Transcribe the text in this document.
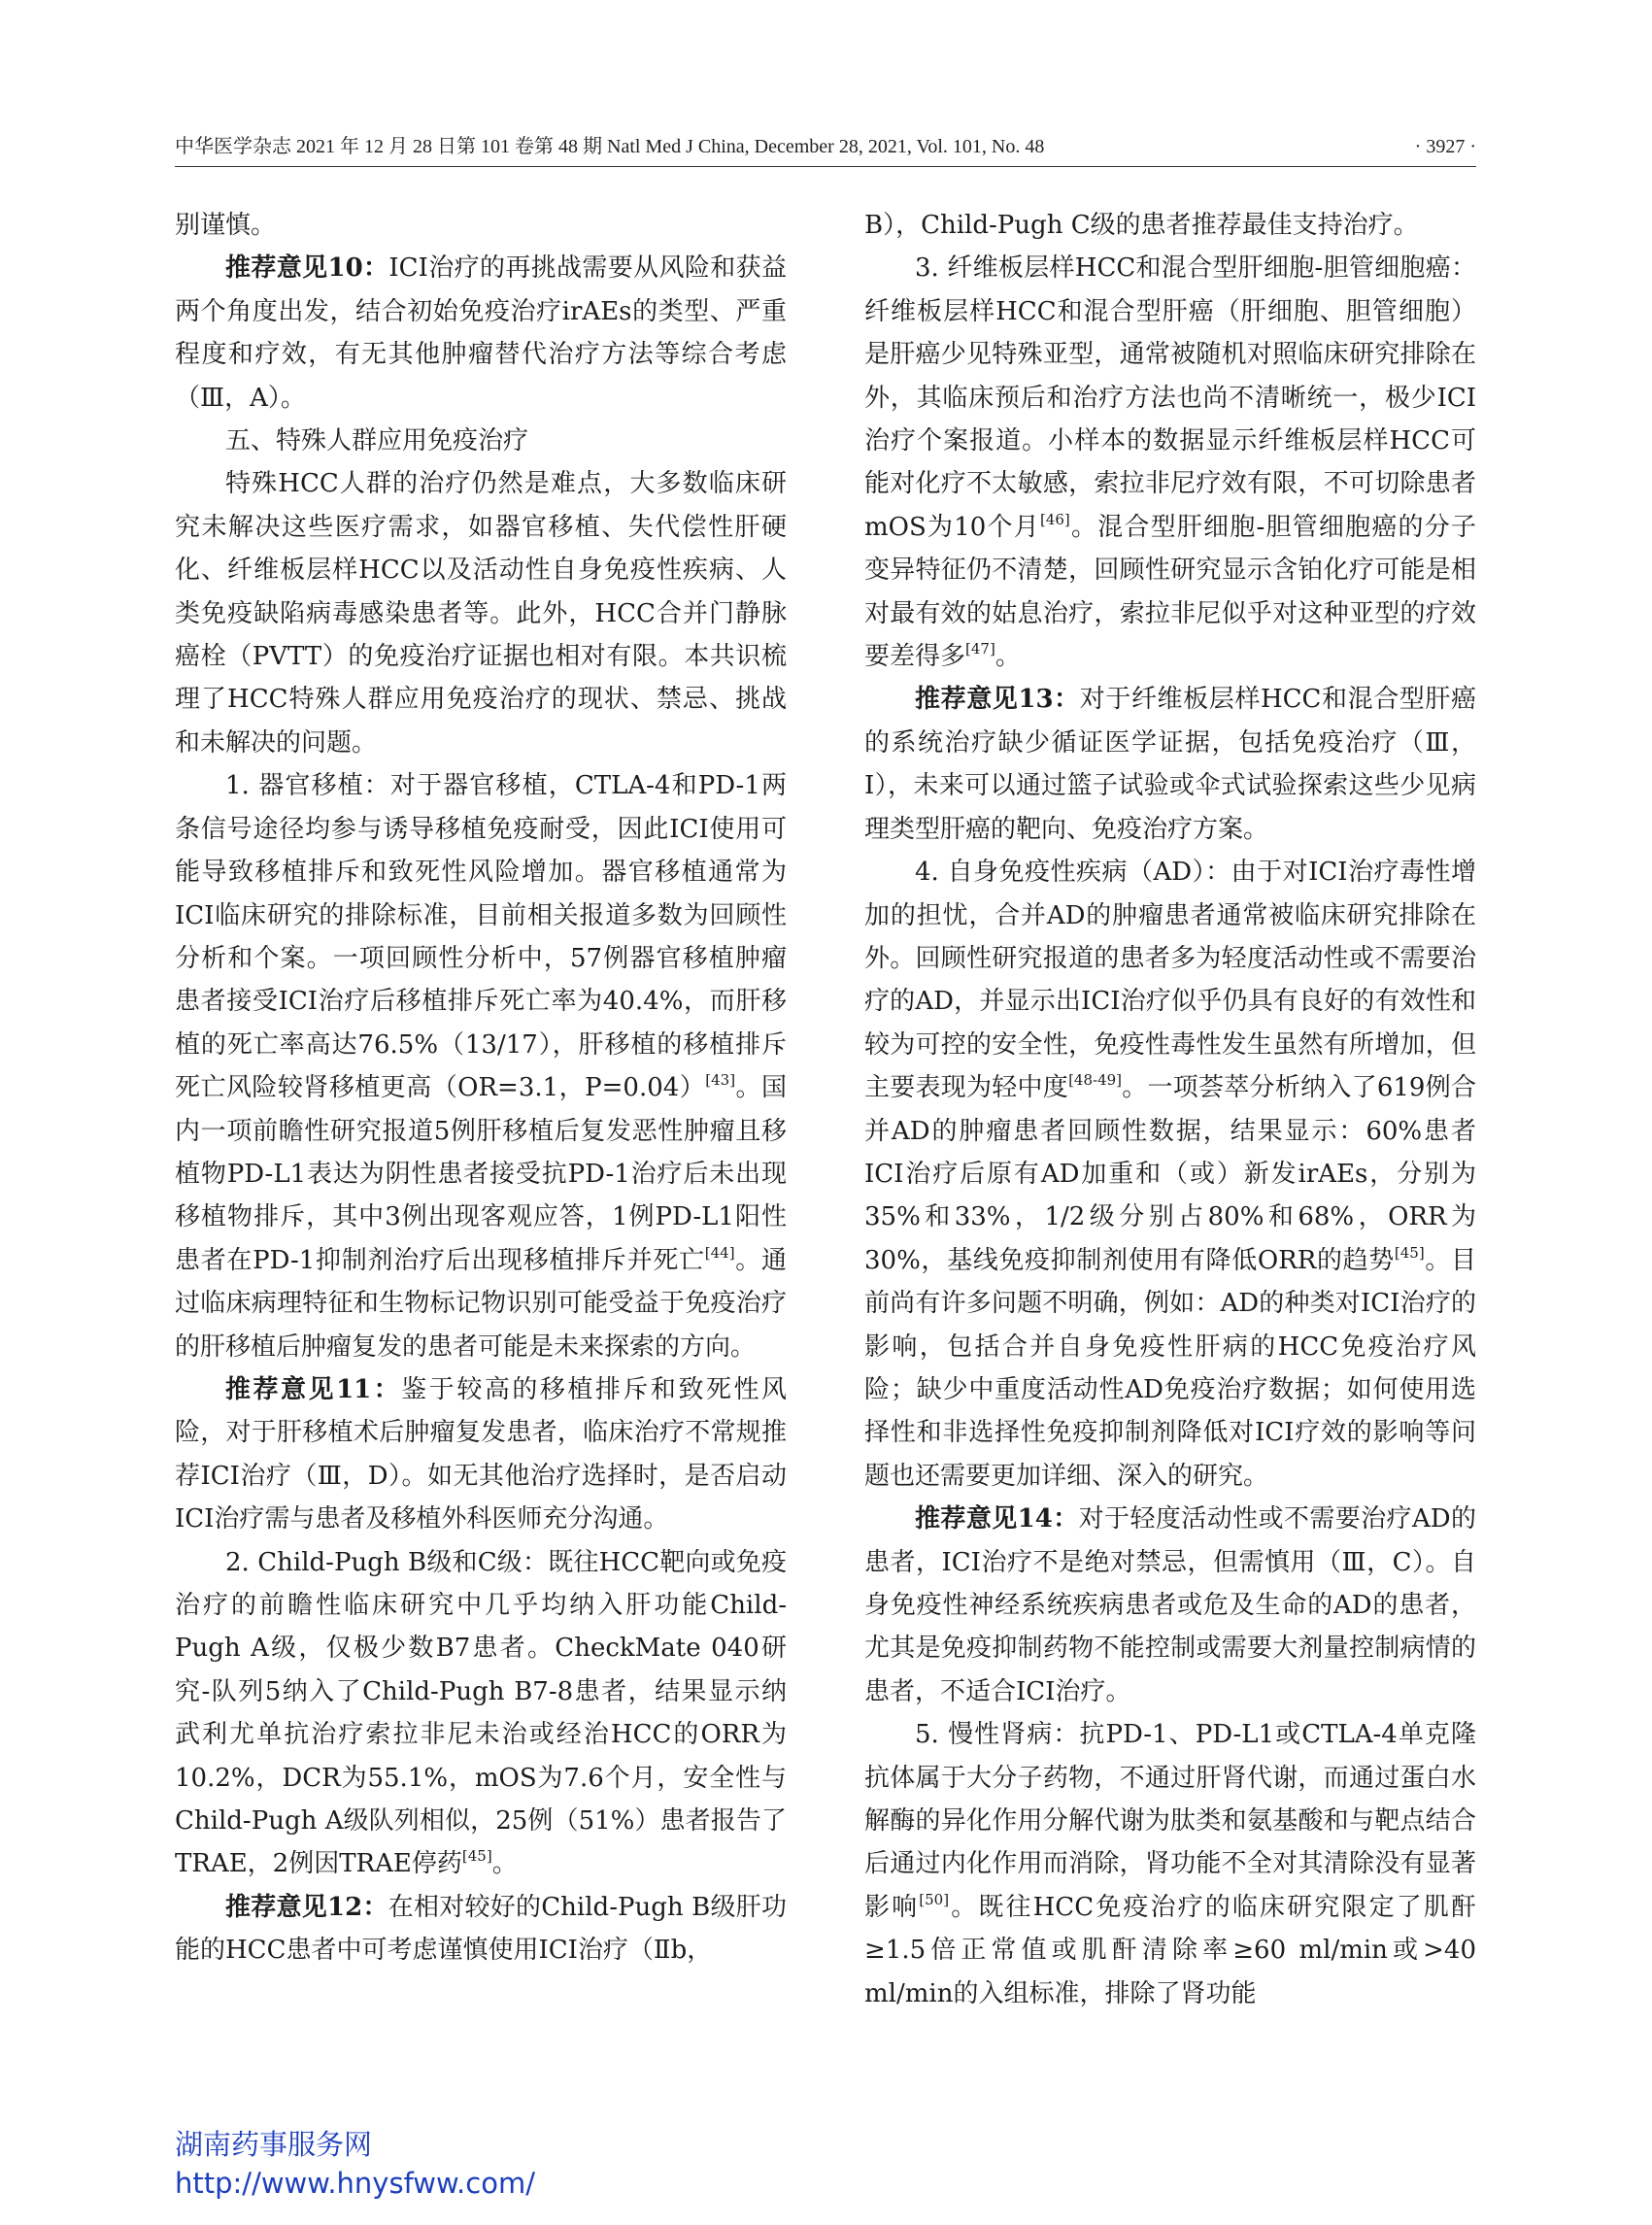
中华医学杂志 2021 年 12 月 28 日第 101 卷第 48 期 Natl Med J China, December 28, 2021, Vol. 101, No. 48	· 3927 ·

别谨慎。

推荐意见10：ICI治疗的再挑战需要从风险和获益两个角度出发，结合初始免疫治疗irAEs的类型、严重程度和疗效，有无其他肿瘤替代治疗方法等综合考虑（Ⅲ，A）。

五、特殊人群应用免疫治疗

特殊HCC人群的治疗仍然是难点，大多数临床研究未解决这些医疗需求，如器官移植、失代偿性肝硬化、纤维板层样HCC以及活动性自身免疫性疾病、人类免疫缺陷病毒感染患者等。此外，HCC合并门静脉癌栓（PVTT）的免疫治疗证据也相对有限。本共识梳理了HCC特殊人群应用免疫治疗的现状、禁忌、挑战和未解决的问题。

1. 器官移植：对于器官移植，CTLA-4和PD-1两条信号途径均参与诱导移植免疫耐受，因此ICI使用可能导致移植排斥和致死性风险增加。器官移植通常为ICI临床研究的排除标准，目前相关报道多数为回顾性分析和个案。一项回顾性分析中，57例器官移植肿瘤患者接受ICI治疗后移植排斥死亡率为40.4%，而肝移植的死亡率高达76.5%（13/17），肝移植的移植排斥死亡风险较肾移植更高（OR=3.1，P=0.04）[43]。国内一项前瞻性研究报道5例肝移植后复发恶性肿瘤且移植物PD-L1表达为阴性患者接受抗PD-1治疗后未出现移植物排斥，其中3例出现客观应答，1例PD-L1阳性患者在PD-1抑制剂治疗后出现移植排斥并死亡[44]。通过临床病理特征和生物标记物识别可能受益于免疫治疗的肝移植后肿瘤复发的患者可能是未来探索的方向。

推荐意见11：鉴于较高的移植排斥和致死性风险，对于肝移植术后肿瘤复发患者，临床治疗不常规推荐ICI治疗（Ⅲ，D）。如无其他治疗选择时，是否启动ICI治疗需与患者及移植外科医师充分沟通。

2. Child-Pugh B级和C级：既往HCC靶向或免疫治疗的前瞻性临床研究中几乎均纳入肝功能Child-Pugh A级，仅极少数B7患者。CheckMate 040研究-队列5纳入了Child-Pugh B7-8患者，结果显示纳武利尤单抗治疗索拉非尼未治或经治HCC的ORR为10.2%，DCR为55.1%，mOS为7.6个月，安全性与Child-Pugh A级队列相似，25例（51%）患者报告了TRAE，2例因TRAE停药[45]。

推荐意见12：在相对较好的Child-Pugh B级肝功能的HCC患者中可考虑谨慎使用ICI治疗（Ⅱb，

B），Child-Pugh C级的患者推荐最佳支持治疗。

3. 纤维板层样HCC和混合型肝细胞-胆管细胞癌：纤维板层样HCC和混合型肝癌（肝细胞、胆管细胞）是肝癌少见特殊亚型，通常被随机对照临床研究排除在外，其临床预后和治疗方法也尚不清晰统一，极少ICI治疗个案报道。小样本的数据显示纤维板层样HCC可能对化疗不太敏感，索拉非尼疗效有限，不可切除患者mOS为10个月[46]。混合型肝细胞-胆管细胞癌的分子变异特征仍不清楚，回顾性研究显示含铂化疗可能是相对最有效的姑息治疗，索拉非尼似乎对这种亚型的疗效要差得多[47]。

推荐意见13：对于纤维板层样HCC和混合型肝癌的系统治疗缺少循证医学证据，包括免疫治疗（Ⅲ，I），未来可以通过篮子试验或伞式试验探索这些少见病理类型肝癌的靶向、免疫治疗方案。

4. 自身免疫性疾病（AD）：由于对ICI治疗毒性增加的担忧，合并AD的肿瘤患者通常被临床研究排除在外。回顾性研究报道的患者多为轻度活动性或不需要治疗的AD，并显示出ICI治疗似乎仍具有良好的有效性和较为可控的安全性，免疫性毒性发生虽然有所增加，但主要表现为轻中度[48-49]。一项荟萃分析纳入了619例合并AD的肿瘤患者回顾性数据，结果显示：60%患者ICI治疗后原有AD加重和（或）新发irAEs，分别为35%和33%，1/2级分别占80%和68%，ORR为30%，基线免疫抑制剂使用有降低ORR的趋势[45]。目前尚有许多问题不明确，例如：AD的种类对ICI治疗的影响，包括合并自身免疫性肝病的HCC免疫治疗风险；缺少中重度活动性AD免疫治疗数据；如何使用选择性和非选择性免疫抑制剂降低对ICI疗效的影响等问题也还需要更加详细、深入的研究。

推荐意见14：对于轻度活动性或不需要治疗AD的患者，ICI治疗不是绝对禁忌，但需慎用（Ⅲ，C）。自身免疫性神经系统疾病患者或危及生命的AD的患者，尤其是免疫抑制药物不能控制或需要大剂量控制病情的患者，不适合ICI治疗。

5. 慢性肾病：抗PD-1、PD-L1或CTLA-4单克隆抗体属于大分子药物，不通过肝肾代谢，而通过蛋白水解酶的异化作用分解代谢为肽类和氨基酸和与靶点结合后通过内化作用而消除，肾功能不全对其清除没有显著影响[50]。既往HCC免疫治疗的临床研究限定了肌酐≥1.5倍正常值或肌酐清除率≥60 ml/min或>40 ml/min的入组标准，排除了肾功能

湖南药事服务网
http://www.hnysfww.com/
